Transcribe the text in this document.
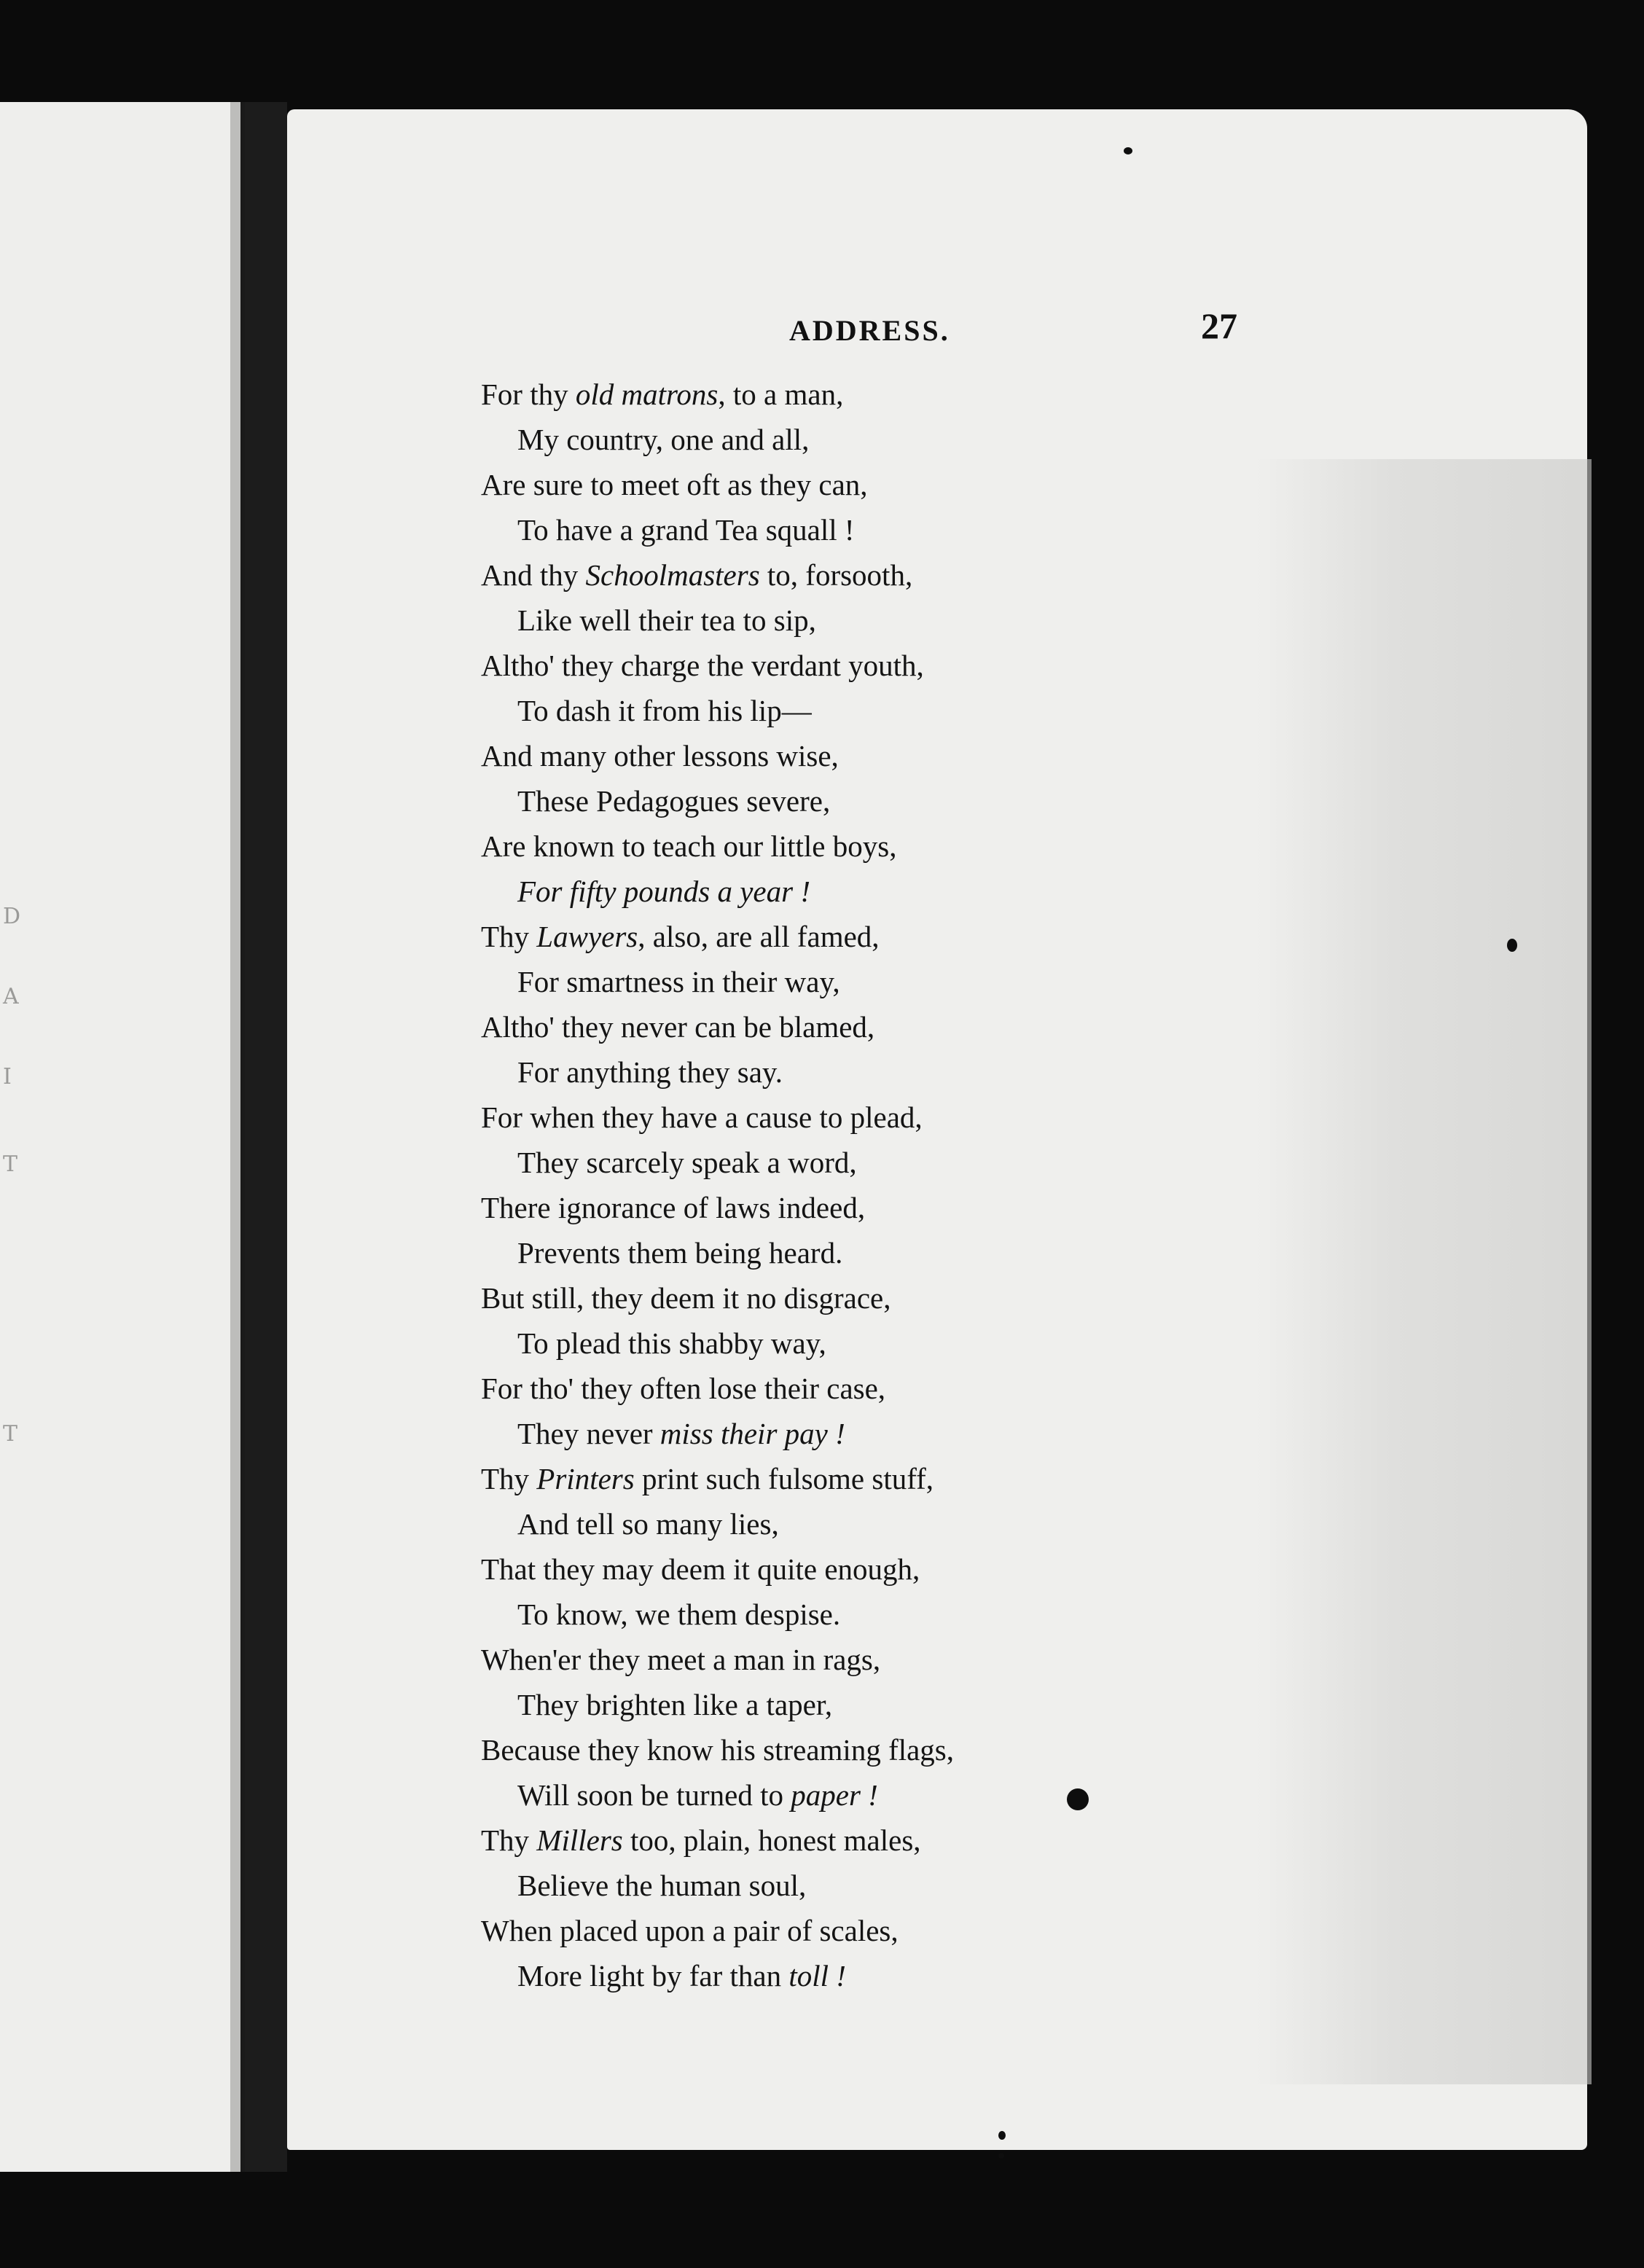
D
A
I
T
T
ADDRESS.	27
For thy old matrons, to a man,
My country, one and all,
Are sure to meet oft as they can,
To have a grand Tea squall !
And thy Schoolmasters to, forsooth,
Like well their tea to sip,
Altho' they charge the verdant youth,
To dash it from his lip—
And many other lessons wise,
These Pedagogues severe,
Are known to teach our little boys,
For fifty pounds a year !
Thy Lawyers, also, are all famed,
For smartness in their way,
Altho' they never can be blamed,
For anything they say.
For when they have a cause to plead,
They scarcely speak a word,
There ignorance of laws indeed,
Prevents them being heard.
But still, they deem it no disgrace,
To plead this shabby way,
For tho' they often lose their case,
They never miss their pay !
Thy Printers print such fulsome stuff,
And tell so many lies,
That they may deem it quite enough,
To know, we them despise.
When'er they meet a man in rags,
They brighten like a taper,
Because they know his streaming flags,
Will soon be turned to paper !
Thy Millers too, plain, honest males,
Believe the human soul,
When placed upon a pair of scales,
More light by far than toll !
